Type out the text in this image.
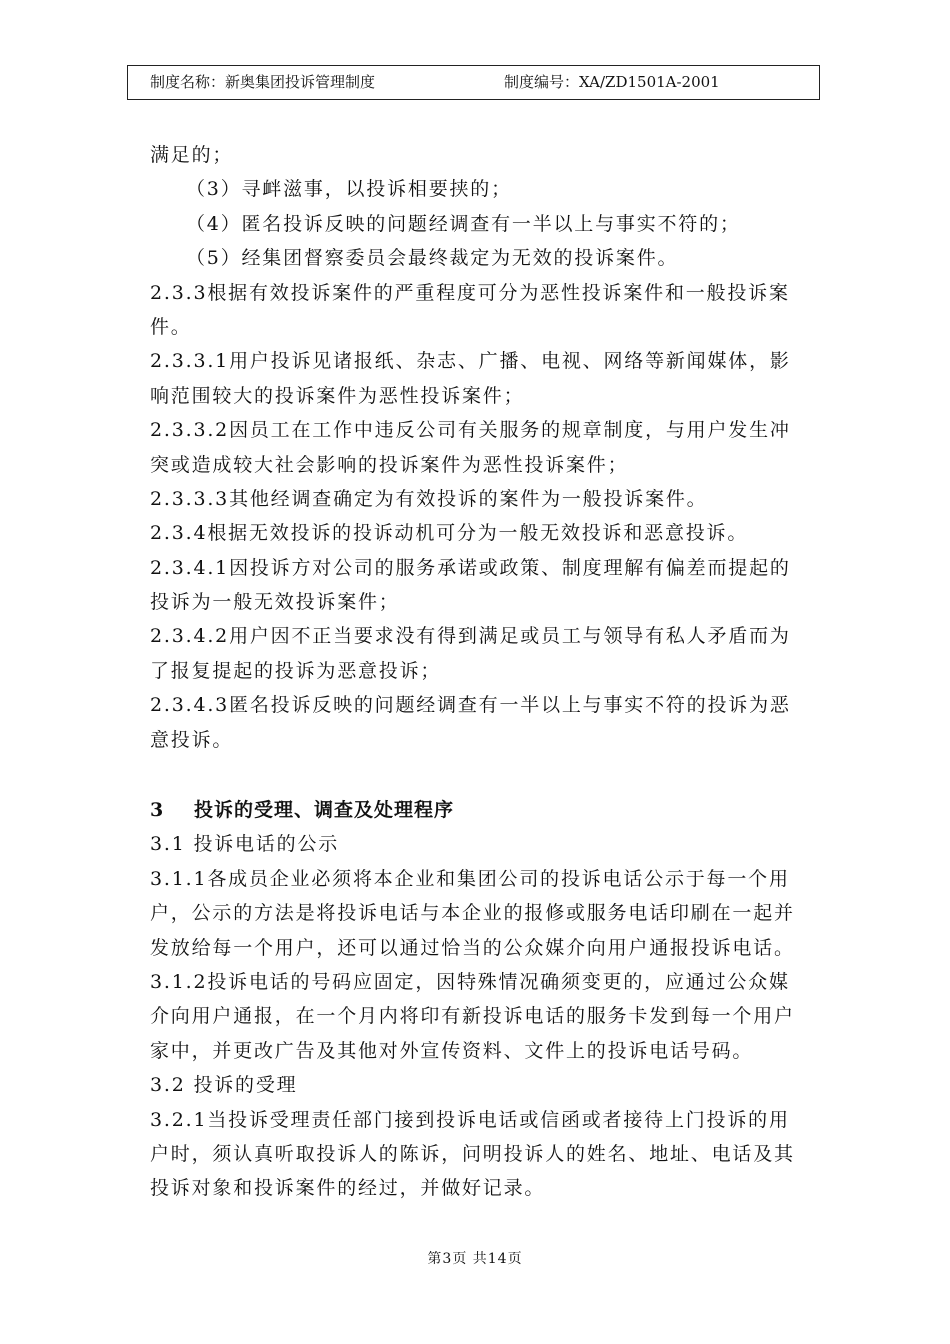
制度名称：新奥集团投诉管理制度	制度编号：XA/ZD1501A-2001
满足的；
（3）寻衅滋事，以投诉相要挟的；
（4）匿名投诉反映的问题经调查有一半以上与事实不符的；
（5）经集团督察委员会最终裁定为无效的投诉案件。
2.3.3根据有效投诉案件的严重程度可分为恶性投诉案件和一般投诉案
件。
2.3.3.1用户投诉见诸报纸、杂志、广播、电视、网络等新闻媒体，影
响范围较大的投诉案件为恶性投诉案件；
2.3.3.2因员工在工作中违反公司有关服务的规章制度，与用户发生冲
突或造成较大社会影响的投诉案件为恶性投诉案件；
2.3.3.3其他经调查确定为有效投诉的案件为一般投诉案件。
2.3.4根据无效投诉的投诉动机可分为一般无效投诉和恶意投诉。
2.3.4.1因投诉方对公司的服务承诺或政策、制度理解有偏差而提起的
投诉为一般无效投诉案件；
2.3.4.2用户因不正当要求没有得到满足或员工与领导有私人矛盾而为
了报复提起的投诉为恶意投诉；
2.3.4.3匿名投诉反映的问题经调查有一半以上与事实不符的投诉为恶
意投诉。
3 投诉的受理、调查及处理程序
3.1 投诉电话的公示
3.1.1各成员企业必须将本企业和集团公司的投诉电话公示于每一个用
户，公示的方法是将投诉电话与本企业的报修或服务电话印刷在一起并
发放给每一个用户，还可以通过恰当的公众媒介向用户通报投诉电话。
3.1.2投诉电话的号码应固定，因特殊情况确须变更的，应通过公众媒
介向用户通报，在一个月内将印有新投诉电话的服务卡发到每一个用户
家中，并更改广告及其他对外宣传资料、文件上的投诉电话号码。
3.2 投诉的受理
3.2.1当投诉受理责任部门接到投诉电话或信函或者接待上门投诉的用
户时，须认真听取投诉人的陈诉，问明投诉人的姓名、地址、电话及其
投诉对象和投诉案件的经过，并做好记录。
第3页 共14页
